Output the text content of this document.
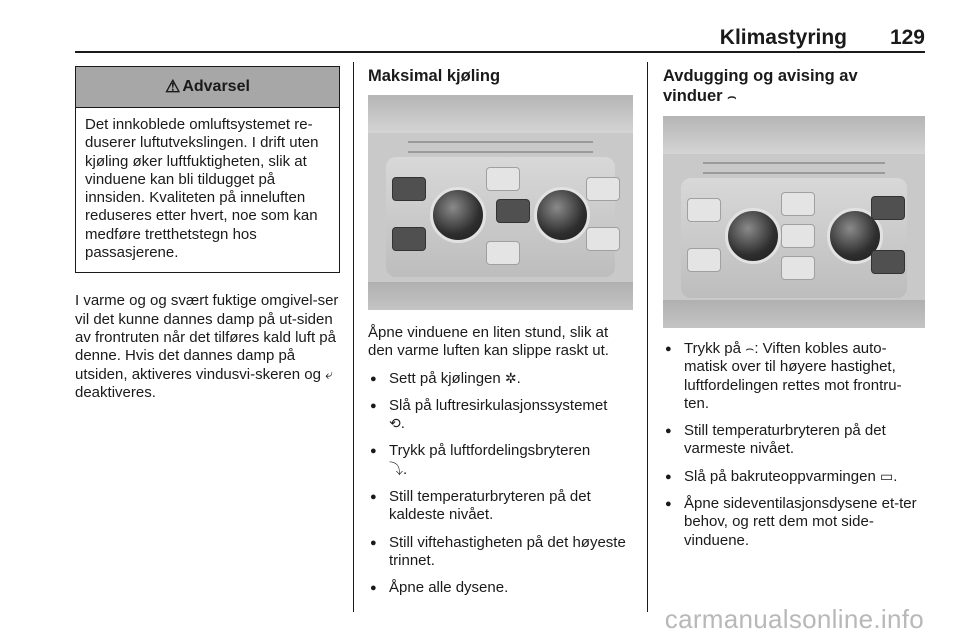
Klimastyring 129
⚠ Advarsel
Det innkoblede omluftsystemet re-duserer luftutvekslingen. I drift uten kjøling øker luftfuktigheten, slik at vinduene kan bli tildugget på innsiden. Kvaliteten på inneluften reduseres etter hvert, noe som kan medføre tretthetstegn hos passasjerene.
I varme og og svært fuktige omgivel-ser vil det kunne dannes damp på ut-siden av frontruten når det tilføres kald luft på denne. Hvis det dannes damp på utsiden, aktiveres vindusvi-skeren og ⤶ deaktiveres.
Maksimal kjøling
Åpne vinduene en liten stund, slik at den varme luften kan slippe raskt ut.
● Sett på kjølingen ✲.
● Slå på luftresirkulasjonssystemet
⟲.
● Trykk på luftfordelingsbryteren
⤵.
● Still temperaturbryteren på det kaldeste nivået.
● Still viftehastigheten på det høyeste trinnet.
● Åpne alle dysene.
Avdugging og avising av
vinduer ⌢
● Trykk på ⌢: Viften kobles auto-matisk over til høyere hastighet, luftfordelingen rettes mot frontru-ten.
● Still temperaturbryteren på det varmeste nivået.
● Slå på bakruteoppvarmingen ▭.
● Åpne sideventilasjonsdysene et-ter behov, og rett dem mot side-vinduene.
carmanualsonline.info
